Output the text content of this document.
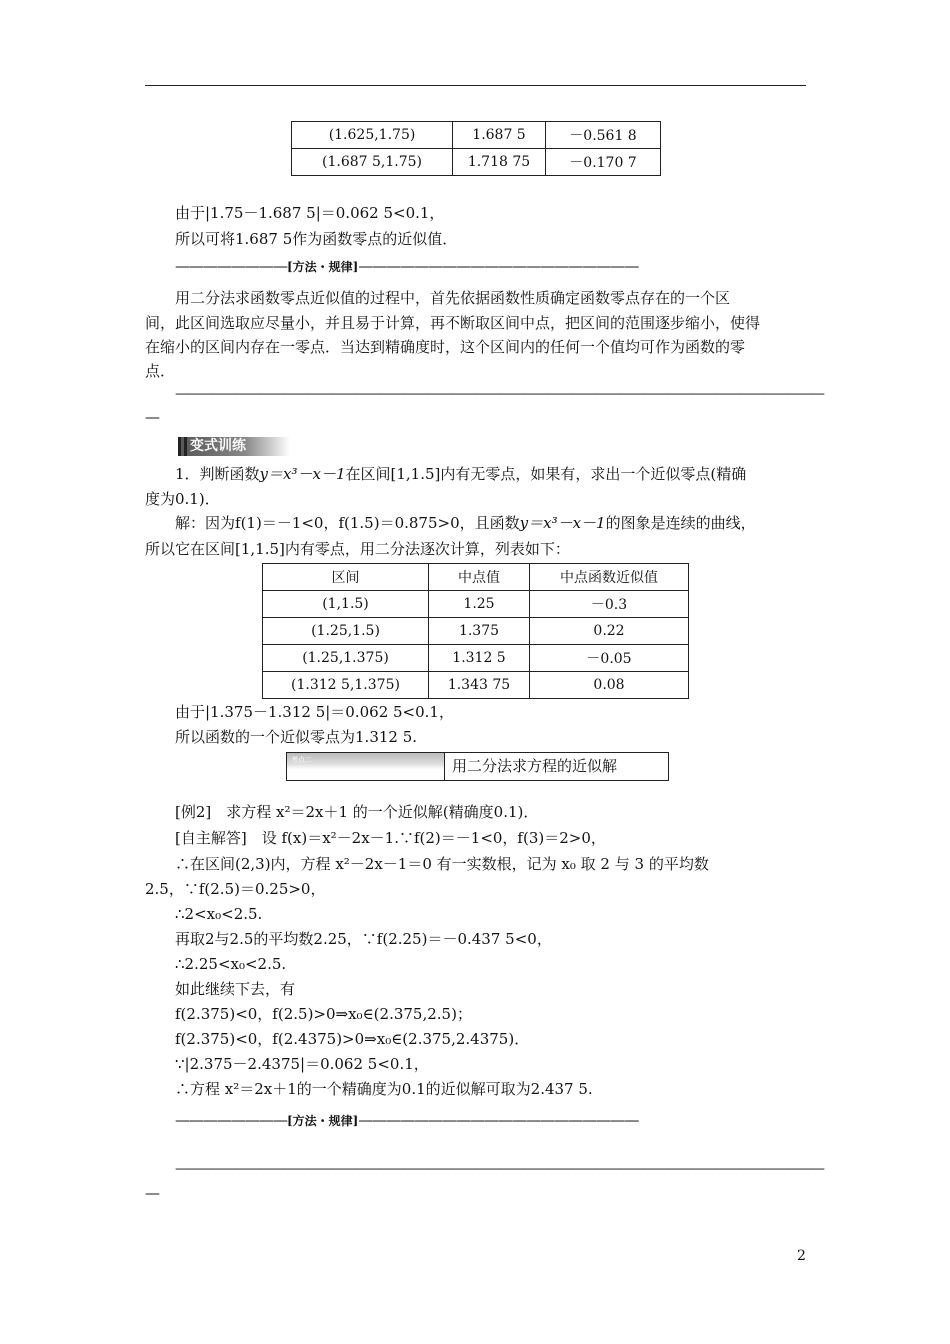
(1.625,1.75)	1.687 5	－0.561 8
(1.687 5,1.75)	1.718 75	－0.170 7
由于|1.75－1.687 5|＝0.062 5<0.1，
所以可将1.687 5作为函数零点的近似值．
————————[方法・规律]————————————————————
用二分法求函数零点近似值的过程中，首先依据函数性质确定函数零点存在的一个区
间，此区间选取应尽量小，并且易于计算，再不断取区间中点，把区间的范围逐步缩小，使得
在缩小的区间内存在一零点．当达到精确度时，这个区间内的任何一个值均可作为函数的零
点．
——————————————————————————————————————————————————————
—
变式训练
1．判断函数y＝x³－x－1在区间[1,1.5]内有无零点，如果有，求出一个近似零点(精确
度为0.1)．
解：因为f(1)＝－1<0，f(1.5)＝0.875>0，且函数y＝x³－x－1的图象是连续的曲线，
所以它在区间[1,1.5]内有零点，用二分法逐次计算，列表如下：
区间	中点值	中点函数近似值
(1,1.5)	1.25	－0.3
(1.25,1.5)	1.375	0.22
(1.25,1.375)	1.312 5	－0.05
(1.312 5,1.375)	1.343 75	0.08
由于|1.375－1.312 5|＝0.062 5<0.1，
所以函数的一个近似零点为1.312 5.
考点二	用二分法求方程的近似解
[例2]　求方程 x²＝2x＋1 的一个近似解(精确度0.1)．
[自主解答]　设 f(x)＝x²－2x－1.∵f(2)＝－1<0，f(3)＝2>0，
∴在区间(2,3)内，方程 x²－2x－1＝0 有一实数根，记为 x₀ 取 2 与 3 的平均数
2.5，∵f(2.5)＝0.25>0，
∴2<x₀<2.5.
再取2与2.5的平均数2.25，∵f(2.25)＝－0.437 5<0，
∴2.25<x₀<2.5.
如此继续下去，有
f(2.375)<0，f(2.5)>0⇒x₀∈(2.375,2.5)；
f(2.375)<0，f(2.4375)>0⇒x₀∈(2.375,2.4375)．
∵|2.375－2.4375|＝0.062 5<0.1，
∴方程 x²＝2x＋1的一个精确度为0.1的近似解可取为2.437 5.
————————[方法・规律]————————————————————
——————————————————————————————————————————————————————
—
2
